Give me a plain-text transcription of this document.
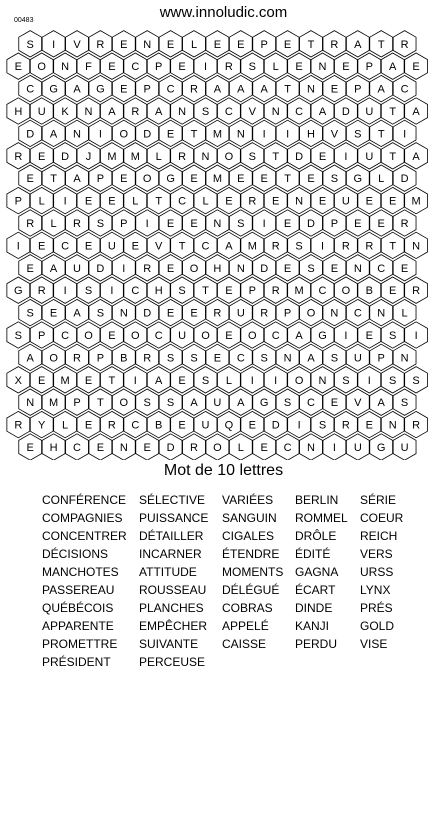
00483	www.innoludic.com
S I V R E N E L E E P E T R A T R
E O N F E C P E I R S L E N E P A E
C G A G E P C R A A A T N E P A C
H U K N A R A N S C V N C A D U T A
D A N I O D E T M N I I H V S T I
R E D J M M L R N O S T D E I U T A
E T A P E O G E M E E T E S G L D
P L I E E L T C L E R E N E U E E M
R L R S P I E E N S I E D P E E R
I E C E U E V T C A M R S I R R T N
E A U D I R E O H N D E S E N C E
G R I S I C H S T E P R M C O B E R
S E A S N D E E R U R P O N C N L
S P C O E O C U O E O C A G I E S I
A O R P B R S S E C S N A S U P N
X E M E T I A E S L I I O N S I S S
N M P T O S S A U A G S C E V A S
R Y L E R C B E U Q E D I S R E N R
E H C E N E D R O L E C N I U G U
Mot de 10 lettres
CONFÉRENCE
COMPAGNIES
CONCENTRER
DÉCISIONS
MANCHOTES
PASSEREAU
QUÉBÉCOIS
APPARENTE
PROMETTRE
PRÉSIDENT
SÉLECTIVE
PUISSANCE
DÉTAILLER
INCARNER
ATTITUDE
ROUSSEAU
PLANCHES
EMPÊCHER
SUIVANTE
PERCEUSE
VARIÉES
SANGUIN
CIGALES
ÉTENDRE
MOMENTS
DÉLÉGUÉ
COBRAS
APPELÉ
CAISSE
BERLIN
ROMMEL
DRÔLE
ÉDITÉ
GAGNA
ÉCART
DINDE
KANJI
PERDU
SÉRIE
COEUR
REICH
VERS
URSS
LYNX
PRÉS
GOLD
VISE
